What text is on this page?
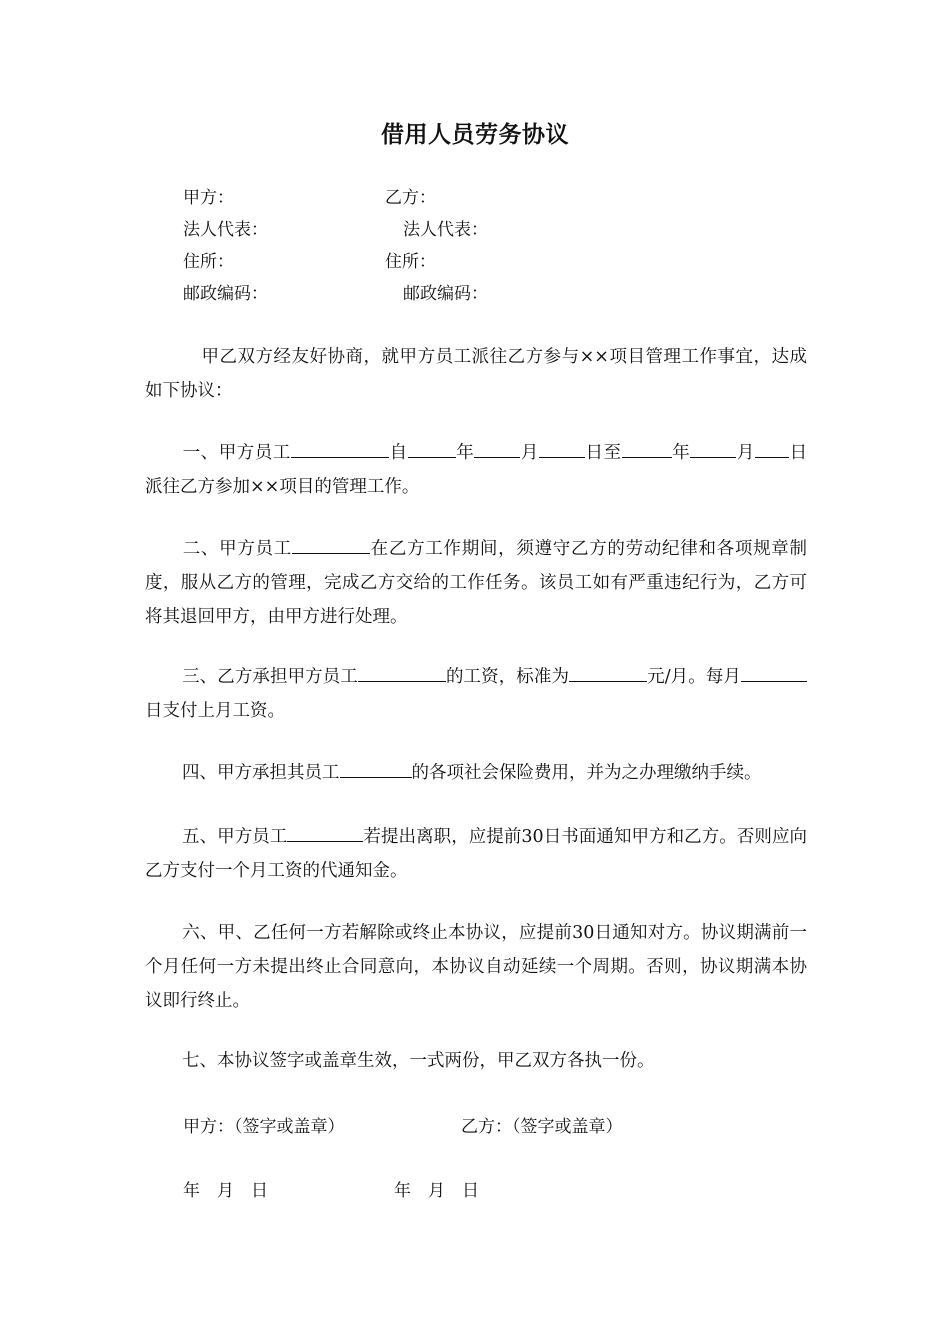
借用人员劳务协议
甲方：	乙方：
法人代表：	法人代表：
住所：	住所：
邮政编码：	邮政编码：
甲乙双方经友好协商，就甲方员工派往乙方参与××项目管理工作事宜，达成如下协议：
一、甲方员工	自	年	月	日至	年	月 日派往乙方参加××项目的管理工作。
二、甲方员工	在乙方工作期间，须遵守乙方的劳动纪律和各项规章制度，服从乙方的管理，完成乙方交给的工作任务。该员工如有严重违纪行为，乙方可将其退回甲方，由甲方进行处理。
三、乙方承担甲方员工	的工资，标准为	元/月。每月日支付上月工资。
四、甲方承担其员工	的各项社会保险费用，并为之办理缴纳手续。
五、甲方员工	若提出离职，应提前30日书面通知甲方和乙方。否则应向乙方支付一个月工资的代通知金。
六、甲、乙任何一方若解除或终止本协议，应提前30日通知对方。协议期满前一个月任何一方未提出终止合同意向，本协议自动延续一个周期。否则，协议期满本协议即行终止。
七、本协议签字或盖章生效，一式两份，甲乙双方各执一份。
甲方：（签字或盖章）	乙方：（签字或盖章）
年　月　日	年　月　日
